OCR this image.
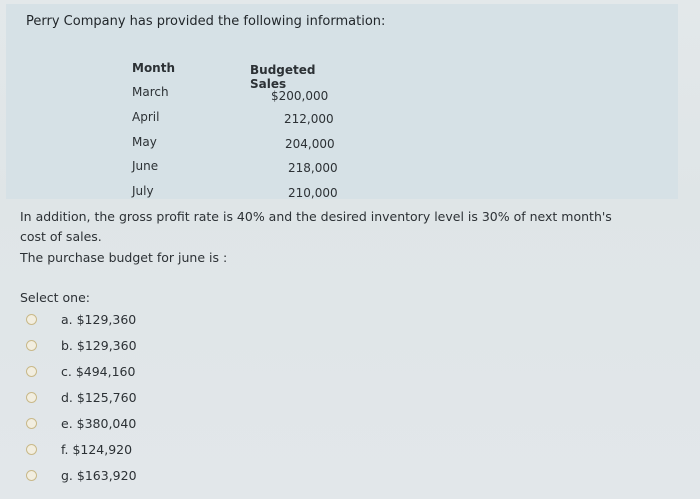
Perry Company has provided the following information:
Month	Budgeted Sales
March	$200,000
April	212,000
May	204,000
June	218,000
July	210,000
In addition, the gross profit rate is 40% and the desired inventory level is 30% of next month's
cost of sales.
The purchase budget for june is :
Select one:
a. $129,360
b. $129,360
c. $494,160
d. $125,760
e. $380,040
f. $124,920
g. $163,920
